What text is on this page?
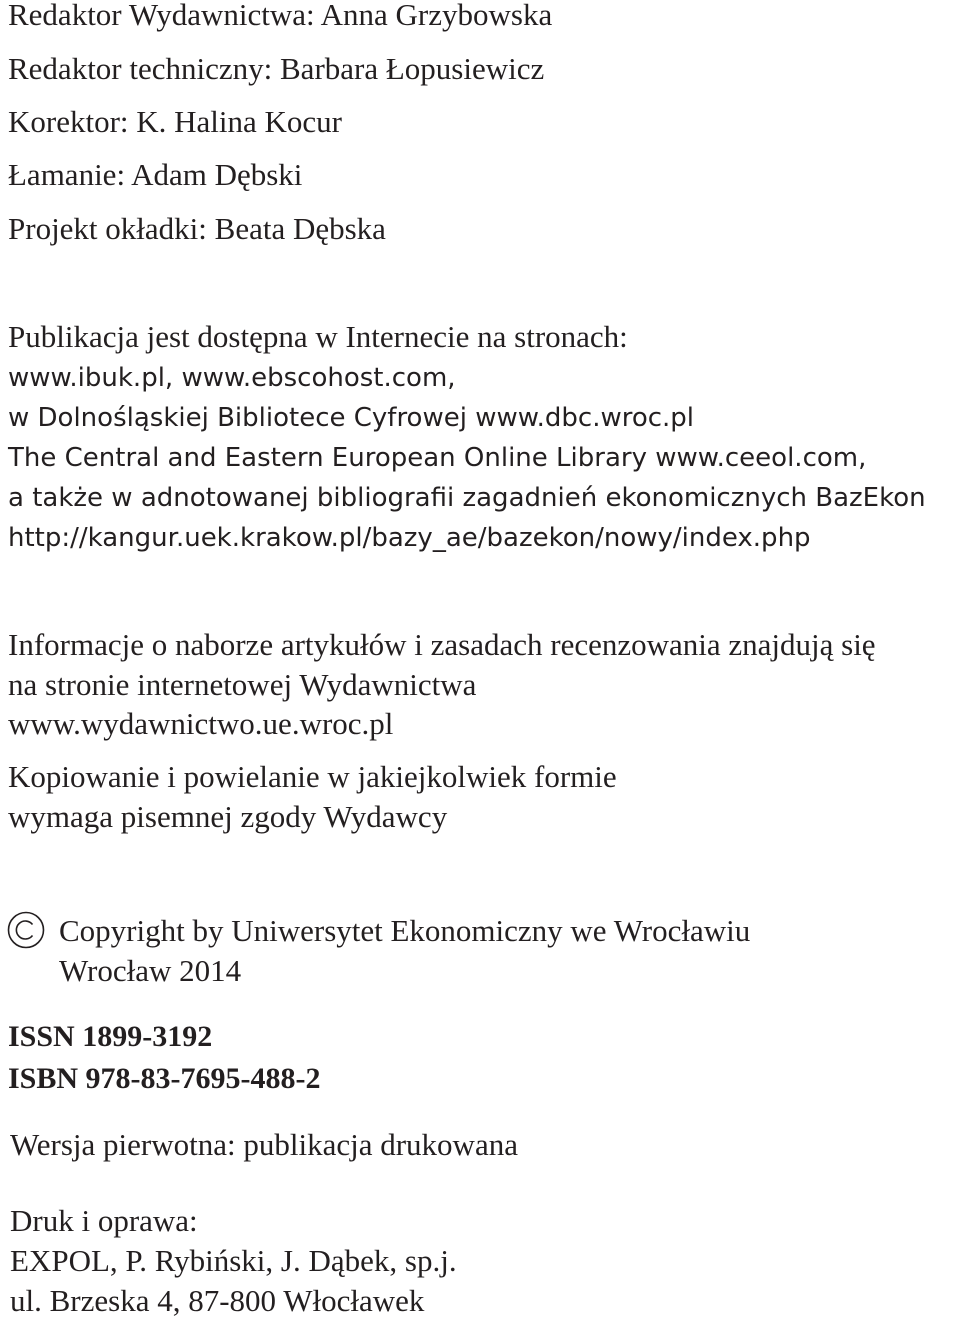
Redaktor Wydawnictwa: Anna Grzybowska

Redaktor techniczny: Barbara Łopusiewicz

Korektor: K. Halina Kocur

Łamanie: Adam Dębski

Projekt okładki: Beata Dębska

Publikacja jest dostępna w Internecie na stronach:

www.ibuk.pl, www.ebscohost.com,

w Dolnośląskiej Bibliotece Cyfrowej www.dbc.wroc.pl

The Central and Eastern European Online Library www.ceeol.com,

a także w adnotowanej bibliografii zagadnień ekonomicznych BazEkon

http://kangur.uek.krakow.pl/bazy_ae/bazekon/nowy/index.php

Informacje o naborze artykułów i zasadach recenzowania znajdują się

na stronie internetowej Wydawnictwa

www.wydawnictwo.ue.wroc.pl

Kopiowanie i powielanie w jakiejkolwiek formie

wymaga pisemnej zgody Wydawcy

Copyright by Uniwersytet Ekonomiczny we Wrocławiu

Wrocław 2014

ISSN 1899-3192

ISBN 978-83-7695-488-2

Wersja pierwotna: publikacja drukowana

Druk i oprawa:

EXPOL, P. Rybiński, J. Dąbek, sp.j.

ul. Brzeska 4, 87-800 Włocławek
